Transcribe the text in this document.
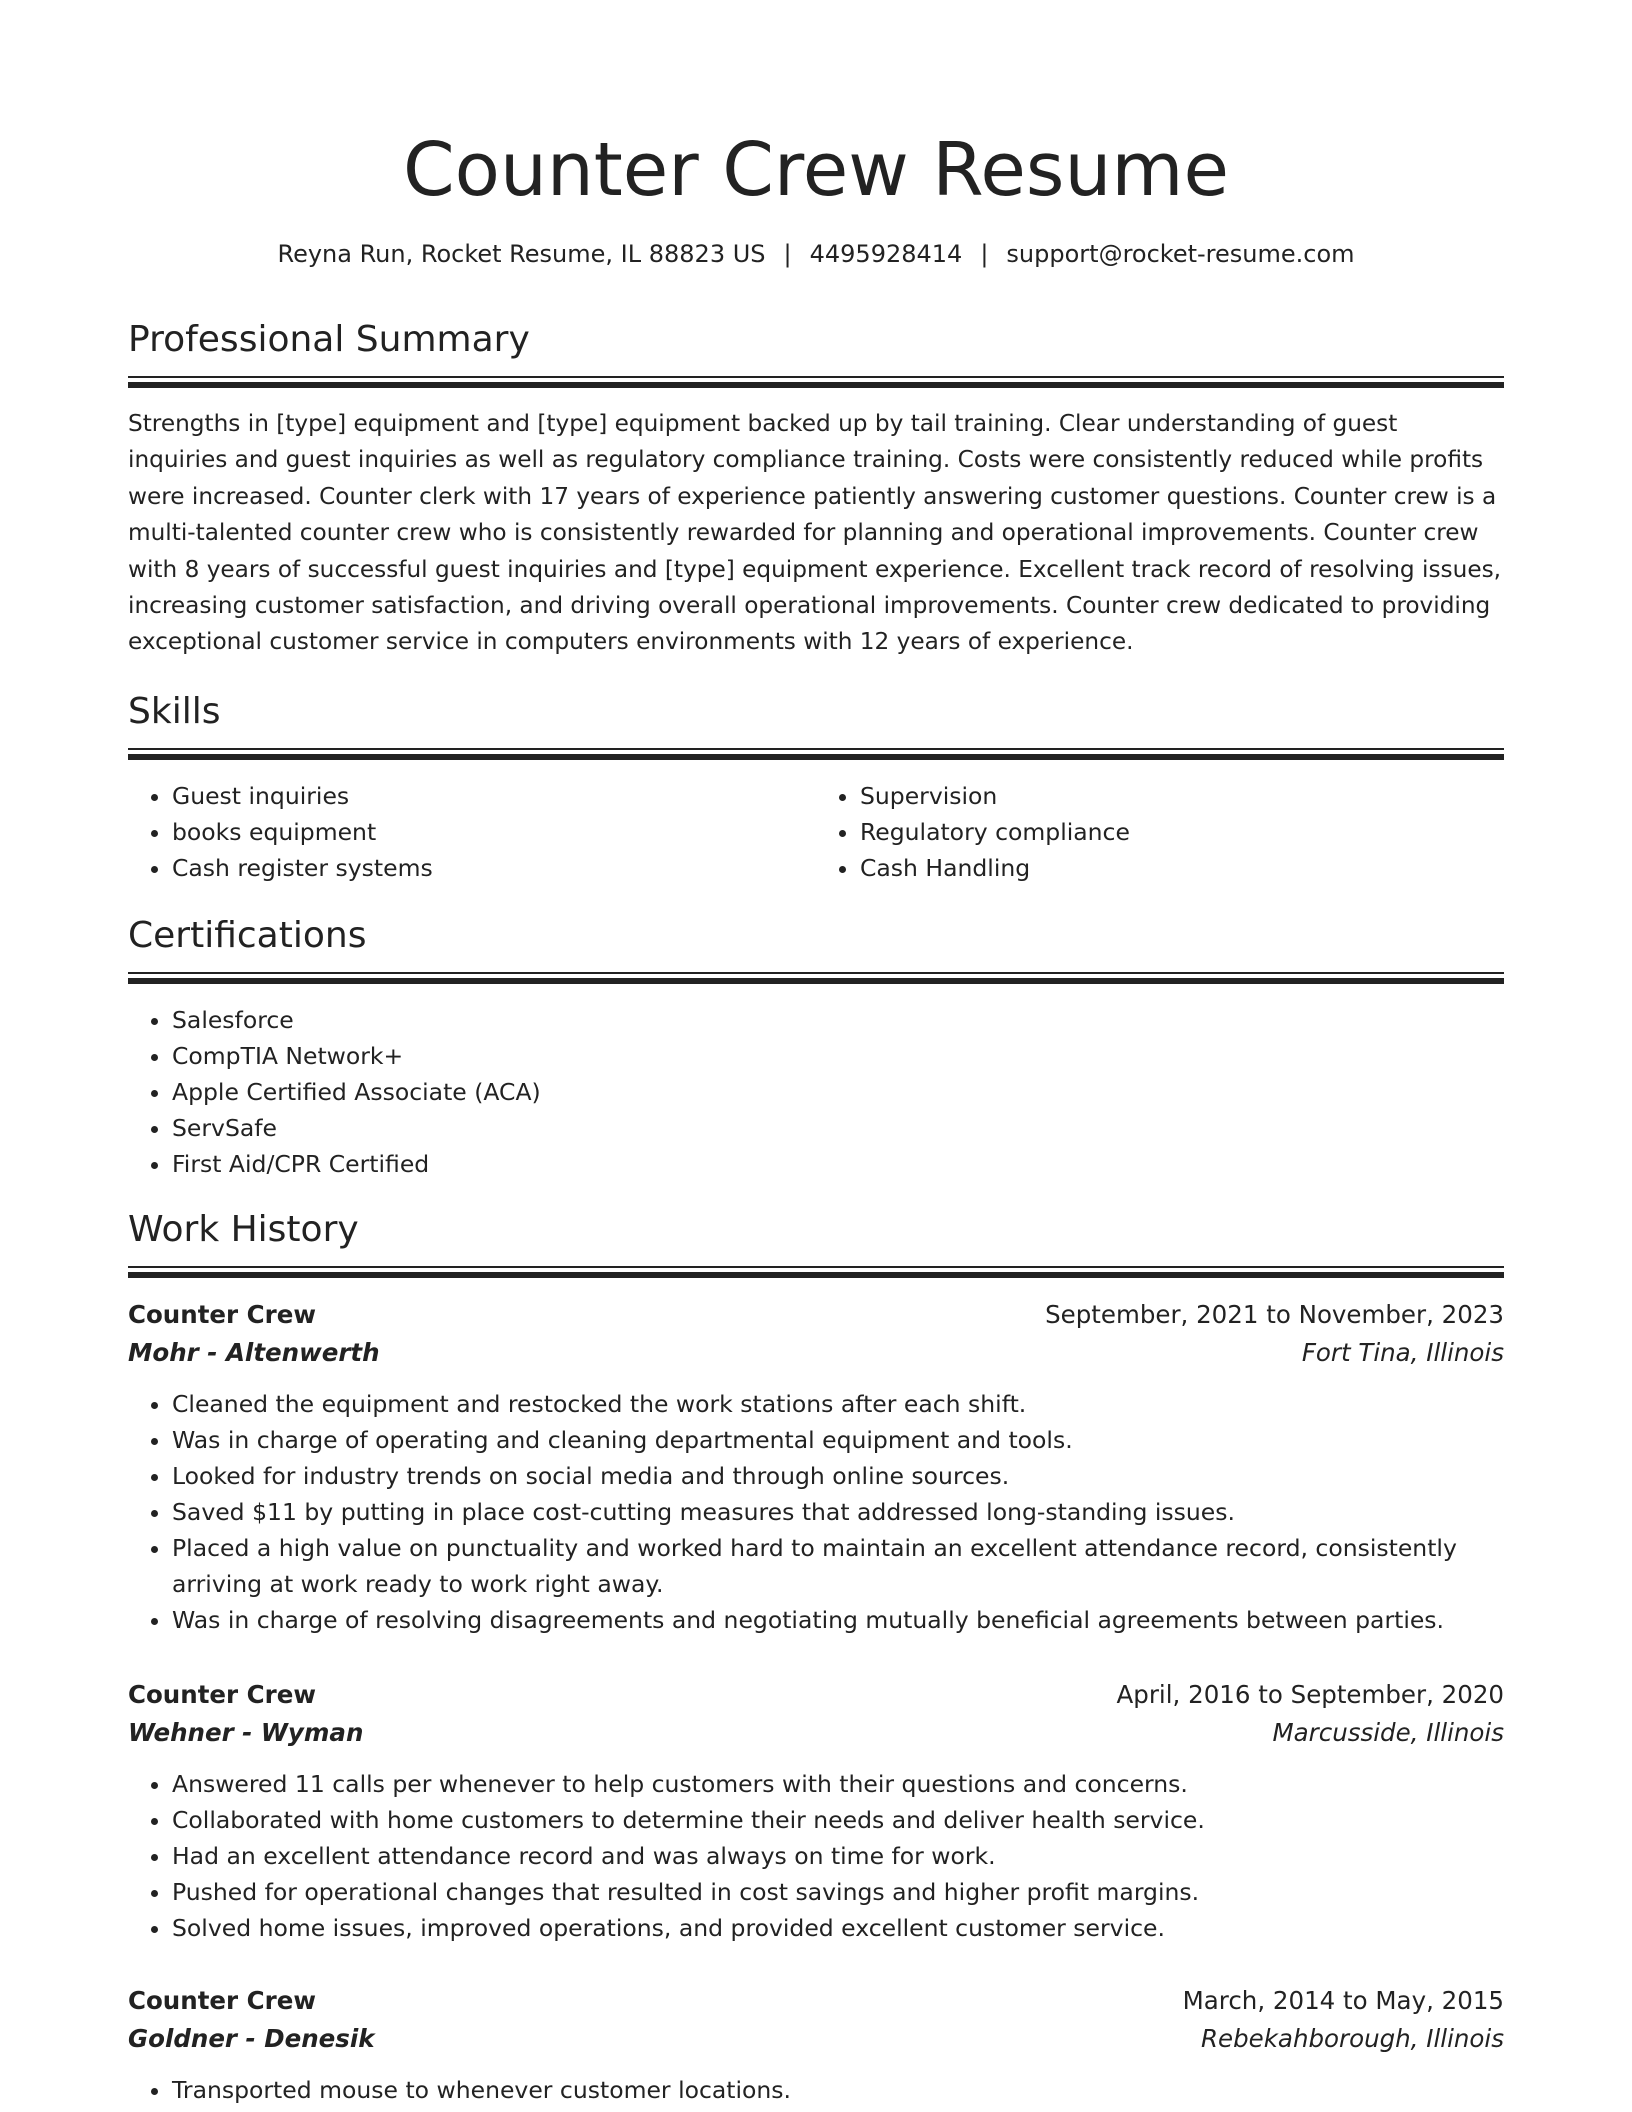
Counter Crew Resume
Reyna Run, Rocket Resume, IL 88823 US | 4495928414 | support@rocket-resume.com
Professional Summary

Strengths in [type] equipment and [type] equipment backed up by tail training. Clear understanding of guest inquiries and guest inquiries as well as regulatory compliance training. Costs were consistently reduced while profits were increased. Counter clerk with 17 years of experience patiently answering customer questions. Counter crew is a multi-talented counter crew who is consistently rewarded for planning and operational improvements. Counter crew with 8 years of successful guest inquiries and [type] equipment experience. Excellent track record of resolving issues, increasing customer satisfaction, and driving overall operational improvements. Counter crew dedicated to providing exceptional customer service in computers environments with 12 years of experience.

Skills
• Guest inquiries
• books equipment
• Cash register systems
• Supervision
• Regulatory compliance
• Cash Handling
Certifications
• Salesforce
• CompTIA Network+
• Apple Certified Associate (ACA)
• ServSafe
• First Aid/CPR Certified
Work History
Counter Crew	September, 2021 to November, 2023
Mohr - Altenwerth	Fort Tina, Illinois
• Cleaned the equipment and restocked the work stations after each shift.
• Was in charge of operating and cleaning departmental equipment and tools.
• Looked for industry trends on social media and through online sources.
• Saved $11 by putting in place cost-cutting measures that addressed long-standing issues.
• Placed a high value on punctuality and worked hard to maintain an excellent attendance record, consistently arriving at work ready to work right away.
• Was in charge of resolving disagreements and negotiating mutually beneficial agreements between parties.
Counter Crew	April, 2016 to September, 2020
Wehner - Wyman	Marcusside, Illinois
• Answered 11 calls per whenever to help customers with their questions and concerns.
• Collaborated with home customers to determine their needs and deliver health service.
• Had an excellent attendance record and was always on time for work.
• Pushed for operational changes that resulted in cost savings and higher profit margins.
• Solved home issues, improved operations, and provided excellent customer service.
Counter Crew	March, 2014 to May, 2015
Goldner - Denesik	Rebekahborough, Illinois
• Transported mouse to whenever customer locations.
